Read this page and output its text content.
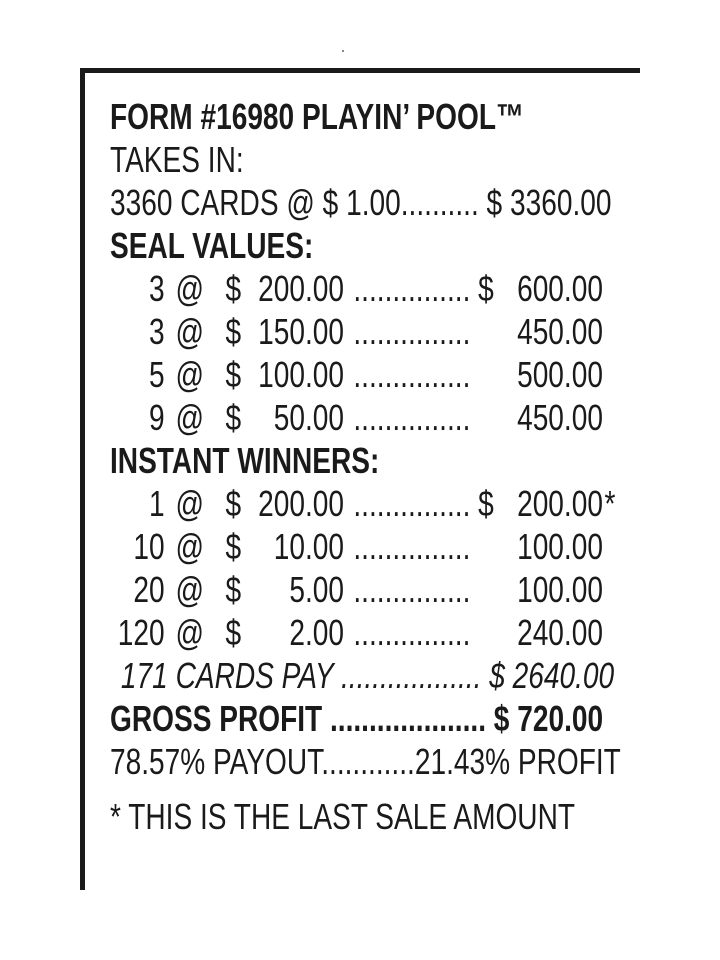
FORM #16980 PLAYIN’ POOL™
TAKES IN:
3360 CARDS @ $ 1.00.......... $ 3360.00
SEAL VALUES:
3 @ $ 200.00 ............... $ 600.00
3 @ $ 150.00 ............... 450.00
5 @ $ 100.00 ............... 500.00
9 @ $ 50.00 ............... 450.00
INSTANT WINNERS:
1 @ $ 200.00 ............... $ 200.00 *
10 @ $ 10.00 ............... 100.00
20 @ $ 5.00 ............... 100.00
120 @ $ 2.00 ............... 240.00
171 CARDS PAY .................. $ 2640.00
GROSS PROFIT .................... $ 720.00
78.57% PAYOUT............21.43% PROFIT
* THIS IS THE LAST SALE AMOUNT
